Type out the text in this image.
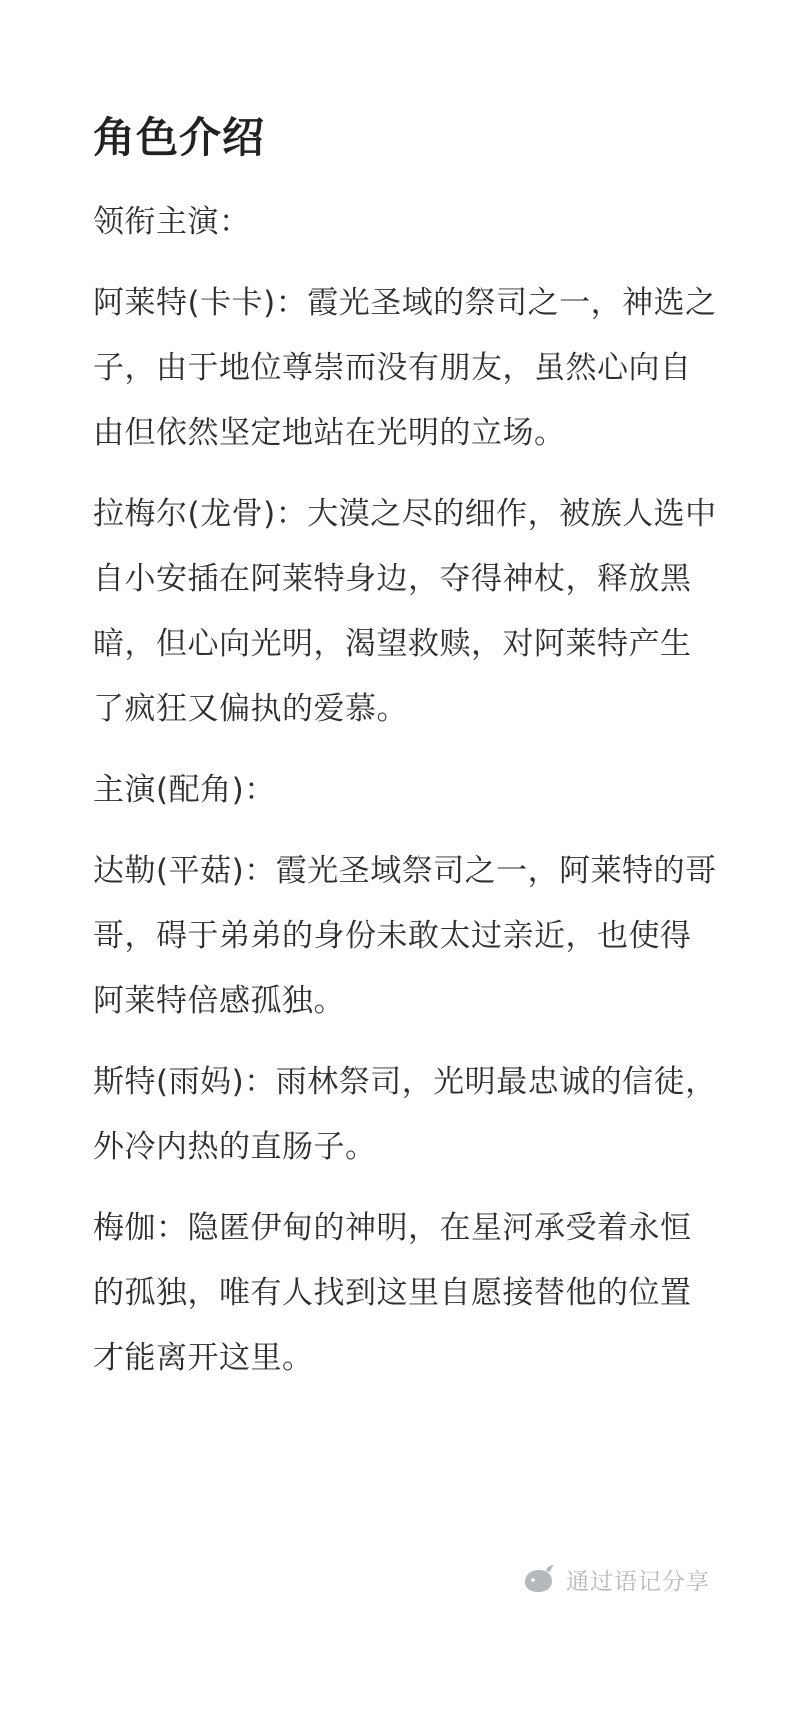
角色介绍

领衔主演：

阿莱特(卡卡)：霞光圣域的祭司之一，神选之子，由于地位尊崇而没有朋友，虽然心向自由但依然坚定地站在光明的立场。

拉梅尔(龙骨)：大漠之尽的细作，被族人选中自小安插在阿莱特身边，夺得神杖，释放黑暗，但心向光明，渴望救赎，对阿莱特产生了疯狂又偏执的爱慕。

主演(配角)：

达勒(平菇)：霞光圣域祭司之一，阿莱特的哥哥，碍于弟弟的身份未敢太过亲近，也使得阿莱特倍感孤独。

斯特(雨妈)：雨林祭司，光明最忠诚的信徒，外冷内热的直肠子。

梅伽：隐匿伊甸的神明，在星河承受着永恒的孤独，唯有人找到这里自愿接替他的位置才能离开这里。

通过语记分享
